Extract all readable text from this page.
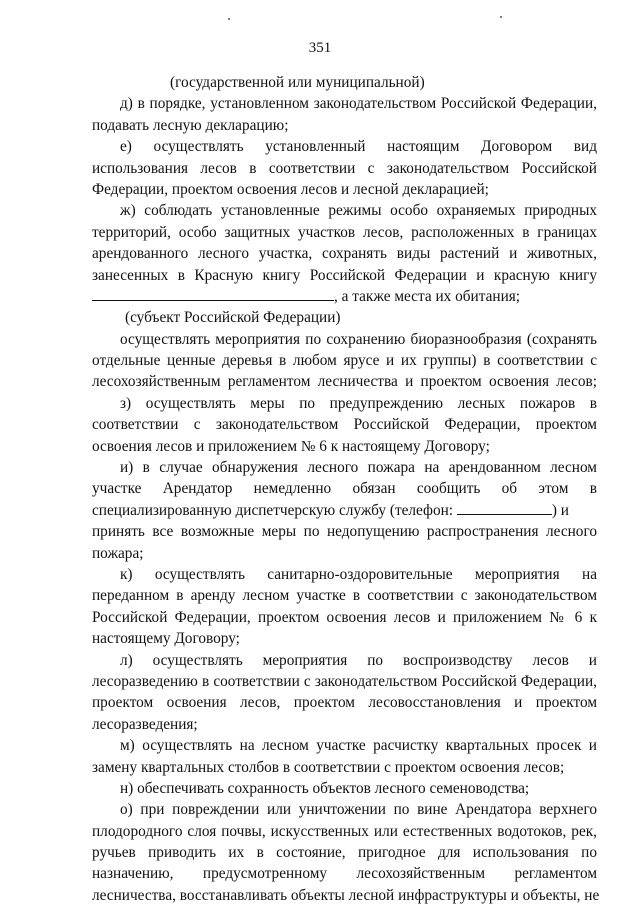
351
(государственной или муниципальной)
д) в порядке, установленном законодательством Российской Федерации,
подавать лесную декларацию;
е) осуществлять установленный настоящим Договором вид
использования лесов в соответствии с законодательством Российской
Федерации, проектом освоения лесов и лесной декларацией;
ж) соблюдать установленные режимы особо охраняемых природных
территорий, особо защитных участков лесов, расположенных в границах
арендованного лесного участка, сохранять виды растений и животных,
занесенных в Красную книгу Российской Федерации и красную книгу
, а также места их обитания;
(субъект Российской Федерации)
осуществлять мероприятия по сохранению биоразнообразия (сохранять
отдельные ценные деревья в любом ярусе и их группы) в соответствии с
лесохозяйственным регламентом лесничества и проектом освоения лесов;
з) осуществлять меры по предупреждению лесных пожаров в
соответствии с законодательством Российской Федерации, проектом
освоения лесов и приложением № 6 к настоящему Договору;
и) в случае обнаружения лесного пожара на арендованном лесном
участке Арендатор немедленно обязан сообщить об этом в
специализированную диспетчерскую службу (телефон:	) и
принять все возможные меры по недопущению распространения лесного
пожара;
к) осуществлять санитарно-оздоровительные мероприятия на
переданном в аренду лесном участке в соответствии с законодательством
Российской Федерации, проектом освоения лесов и приложением № 6 к
настоящему Договору;
л) осуществлять мероприятия по воспроизводству лесов и
лесоразведению в соответствии с законодательством Российской Федерации,
проектом освоения лесов, проектом лесовосстановления и проектом
лесоразведения;
м) осуществлять на лесном участке расчистку квартальных просек и
замену квартальных столбов в соответствии с проектом освоения лесов;
н) обеспечивать сохранность объектов лесного семеноводства;
о) при повреждении или уничтожении по вине Арендатора верхнего
плодородного слоя почвы, искусственных или естественных водотоков, рек,
ручьев приводить их в состояние, пригодное для использования по
назначению, предусмотренному лесохозяйственным регламентом
лесничества, восстанавливать объекты лесной инфраструктуры и объекты, не
